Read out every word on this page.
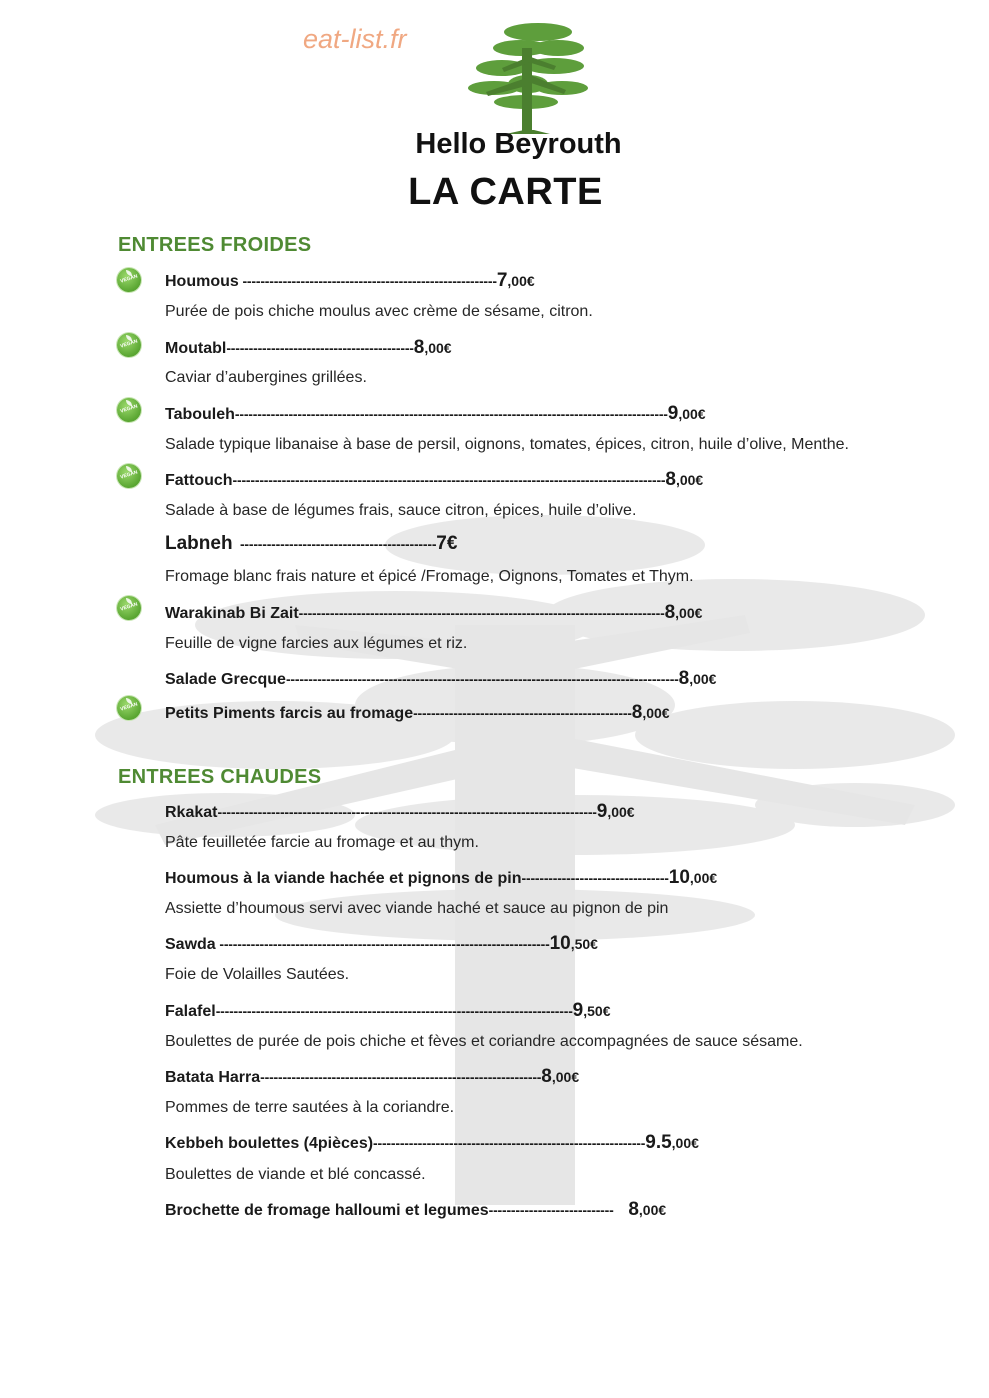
eat-list.fr
Hello Beyrouth
LA CARTE
ENTREES FROIDES
VEGAN Houmous ---------------------------------------------------------7,00€
Purée de pois chiche moulus avec crème de sésame, citron.
VEGAN Moutabl------------------------------------------8,00€
Caviar d’aubergines grillées.
VEGAN Tabouleh-------------------------------------------------------------------------------------------------9,00€
Salade typique libanaise à base de persil, oignons, tomates, épices, citron, huile d’olive, Menthe.
VEGAN Fattouch-------------------------------------------------------------------------------------------------8,00€
Salade à base de légumes frais, sauce citron, épices, huile d’olive.
Labneh  --------------------------------------------7€
Fromage blanc frais nature et épicé /Fromage, Oignons, Tomates et Thym.
VEGAN Warakinab Bi Zait----------------------------------------------------------------------------------8,00€
Feuille de vigne farcies aux légumes et riz.
Salade Grecque----------------------------------------------------------------------------------------8,00€
VEGAN Petits Piments farcis au fromage-------------------------------------------------8,00€
ENTREES CHAUDES
Rkakat-------------------------------------------------------------------------------------9,00€
Pâte feuilletée farcie au fromage et au thym.
Houmous à la viande hachée et pignons de pin---------------------------------10,00€
Assiette d’houmous servi avec viande haché et sauce au pignon de pin
Sawda --------------------------------------------------------------------------10,50€
Foie de Volailles Sautées.
Falafel--------------------------------------------------------------------------------9,50€
Boulettes de purée de pois chiche et fèves et coriandre accompagnées de sauce sésame.
Batata Harra---------------------------------------------------------------8,00€
Pommes de terre sautées à la coriandre.
Kebbeh boulettes (4pièces)-------------------------------------------------------------9.5,00€
Boulettes de viande et blé concassé.
Brochette de fromage halloumi et legumes----------------------------    8,00€
